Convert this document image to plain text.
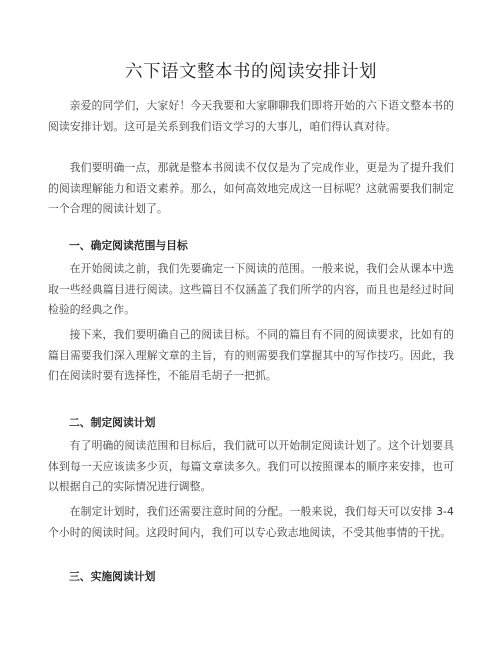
六下语文整本书的阅读安排计划
亲爱的同学们，大家好！今天我要和大家聊聊我们即将开始的六下语文整本书的阅读安排计划。这可是关系到我们语文学习的大事儿，咱们得认真对待。
我们要明确一点，那就是整本书阅读不仅仅是为了完成作业，更是为了提升我们的阅读理解能力和语文素养。那么，如何高效地完成这一目标呢？这就需要我们制定一个合理的阅读计划了。
一、确定阅读范围与目标
在开始阅读之前，我们先要确定一下阅读的范围。一般来说，我们会从课本中选取一些经典篇目进行阅读。这些篇目不仅涵盖了我们所学的内容，而且也是经过时间检验的经典之作。
接下来，我们要明确自己的阅读目标。不同的篇目有不同的阅读要求，比如有的篇目需要我们深入理解文章的主旨，有的则需要我们掌握其中的写作技巧。因此，我们在阅读时要有选择性，不能眉毛胡子一把抓。
二、制定阅读计划
有了明确的阅读范围和目标后，我们就可以开始制定阅读计划了。这个计划要具体到每一天应该读多少页，每篇文章读多久。我们可以按照课本的顺序来安排，也可以根据自己的实际情况进行调整。
在制定计划时，我们还需要注意时间的分配。一般来说，我们每天可以安排 3-4 个小时的阅读时间。这段时间内，我们可以专心致志地阅读，不受其他事情的干扰。
三、实施阅读计划
